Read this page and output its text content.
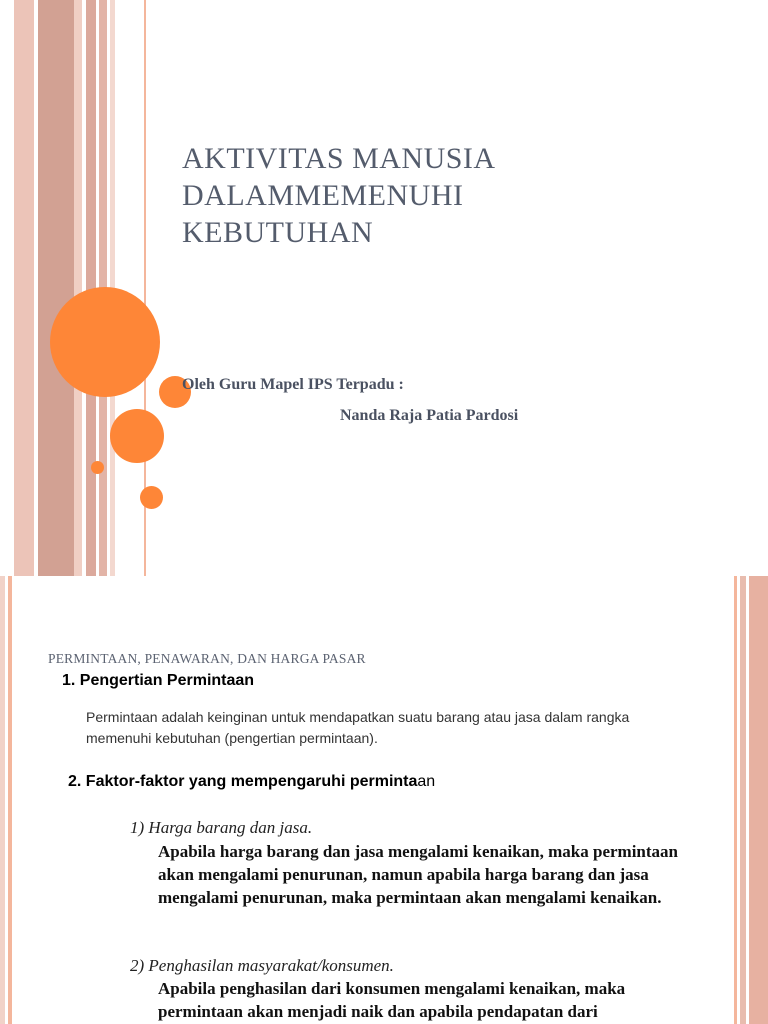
AKTIVITAS MANUSIA
DALAMMEMENUHI
KEBUTUHAN
Oleh Guru Mapel IPS Terpadu :
Nanda Raja Patia Pardosi
PERMINTAAN, PENAWARAN, DAN HARGA PASAR
1. Pengertian Permintaan
Permintaan adalah keinginan untuk mendapatkan suatu barang atau jasa dalam rangka memenuhi kebutuhan (pengertian permintaan).
2. Faktor-faktor yang mempengaruhi permintaan
1) Harga barang dan jasa.
Apabila harga barang dan jasa mengalami kenaikan, maka permintaan akan mengalami penurunan, namun apabila harga barang dan jasa mengalami penurunan, maka permintaan akan mengalami kenaikan.
2) Penghasilan masyarakat/konsumen.
Apabila penghasilan dari konsumen mengalami kenaikan, maka permintaan akan menjadi naik dan apabila pendapatan dari
